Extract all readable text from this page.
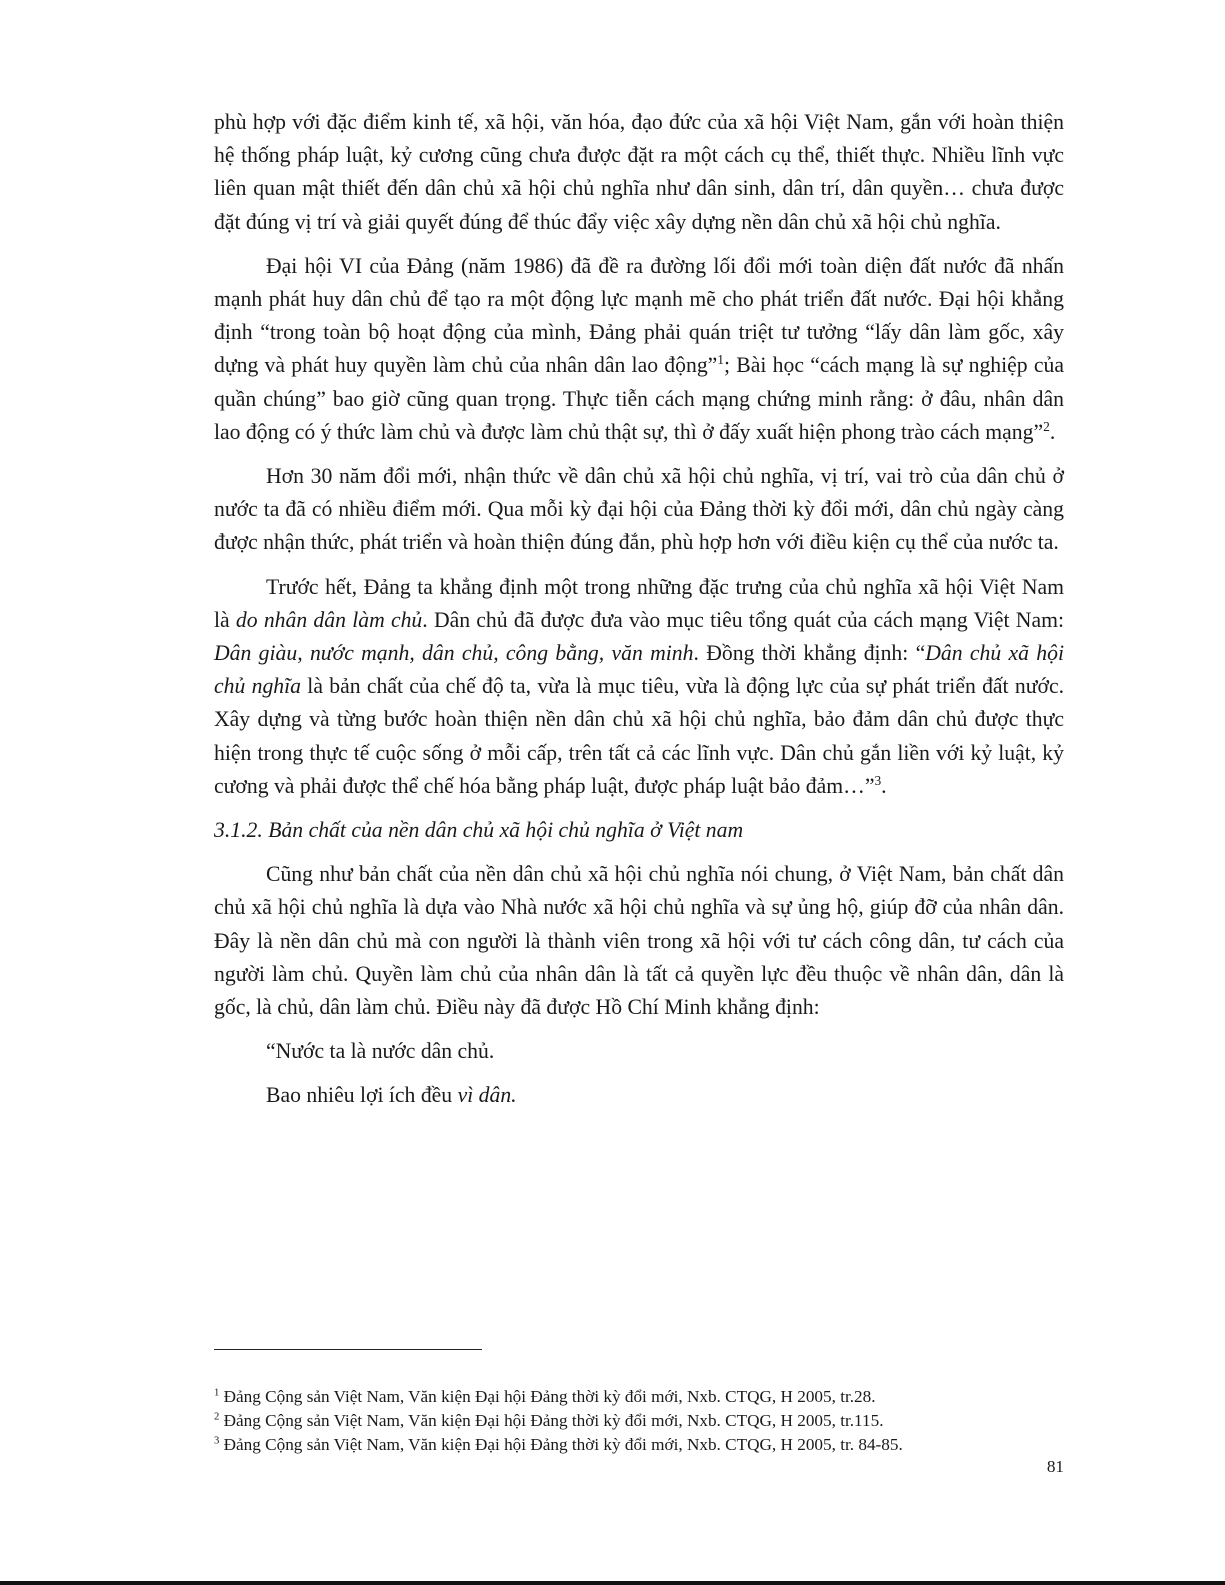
phù hợp với đặc điểm kinh tế, xã hội, văn hóa, đạo đức của xã hội Việt Nam, gắn với hoàn thiện hệ thống pháp luật, kỷ cương cũng chưa được đặt ra một cách cụ thể, thiết thực. Nhiều lĩnh vực liên quan mật thiết đến dân chủ xã hội chủ nghĩa như dân sinh, dân trí, dân quyền… chưa được đặt đúng vị trí và giải quyết đúng để thúc đẩy việc xây dựng nền dân chủ xã hội chủ nghĩa.

Đại hội VI của Đảng (năm 1986) đã đề ra đường lối đổi mới toàn diện đất nước đã nhấn mạnh phát huy dân chủ để tạo ra một động lực mạnh mẽ cho phát triển đất nước. Đại hội khẳng định “trong toàn bộ hoạt động của mình, Đảng phải quán triệt tư tưởng “lấy dân làm gốc, xây dựng và phát huy quyền làm chủ của nhân dân lao động”$^1$; Bài học “cách mạng là sự nghiệp của quần chúng” bao giờ cũng quan trọng. Thực tiễn cách mạng chứng minh rằng: ở đâu, nhân dân lao động có ý thức làm chủ và được làm chủ thật sự, thì ở đấy xuất hiện phong trào cách mạng”$^2$.

Hơn 30 năm đổi mới, nhận thức về dân chủ xã hội chủ nghĩa, vị trí, vai trò của dân chủ ở nước ta đã có nhiều điểm mới. Qua mỗi kỳ đại hội của Đảng thời kỳ đổi mới, dân chủ ngày càng được nhận thức, phát triển và hoàn thiện đúng đắn, phù hợp hơn với điều kiện cụ thể của nước ta.

Trước hết, Đảng ta khẳng định một trong những đặc trưng của chủ nghĩa xã hội Việt Nam là do nhân dân làm chủ. Dân chủ đã được đưa vào mục tiêu tổng quát của cách mạng Việt Nam: Dân giàu, nước mạnh, dân chủ, công bằng, văn minh. Đồng thời khẳng định: “Dân chủ xã hội chủ nghĩa là bản chất của chế độ ta, vừa là mục tiêu, vừa là động lực của sự phát triển đất nước. Xây dựng và từng bước hoàn thiện nền dân chủ xã hội chủ nghĩa, bảo đảm dân chủ được thực hiện trong thực tế cuộc sống ở mỗi cấp, trên tất cả các lĩnh vực. Dân chủ gắn liền với kỷ luật, kỷ cương và phải được thể chế hóa bằng pháp luật, được pháp luật bảo đảm…”$^3$.

3.1.2. Bản chất của nền dân chủ xã hội chủ nghĩa ở Việt nam

Cũng như bản chất của nền dân chủ xã hội chủ nghĩa nói chung, ở Việt Nam, bản chất dân chủ xã hội chủ nghĩa là dựa vào Nhà nước xã hội chủ nghĩa và sự ủng hộ, giúp đỡ của nhân dân. Đây là nền dân chủ mà con người là thành viên trong xã hội với tư cách công dân, tư cách của người làm chủ. Quyền làm chủ của nhân dân là tất cả quyền lực đều thuộc về nhân dân, dân là gốc, là chủ, dân làm chủ. Điều này đã được Hồ Chí Minh khẳng định:

“Nước ta là nước dân chủ.

Bao nhiêu lợi ích đều vì dân.

$^1$ Đảng Cộng sản Việt Nam, Văn kiện Đại hội Đảng thời kỳ đổi mới, Nxb. CTQG, H 2005, tr.28.
$^2$ Đảng Cộng sản Việt Nam, Văn kiện Đại hội Đảng thời kỳ đổi mới, Nxb. CTQG, H 2005, tr.115.
$^3$ Đảng Cộng sản Việt Nam, Văn kiện Đại hội Đảng thời kỳ đổi mới, Nxb. CTQG, H 2005, tr. 84-85.
81
